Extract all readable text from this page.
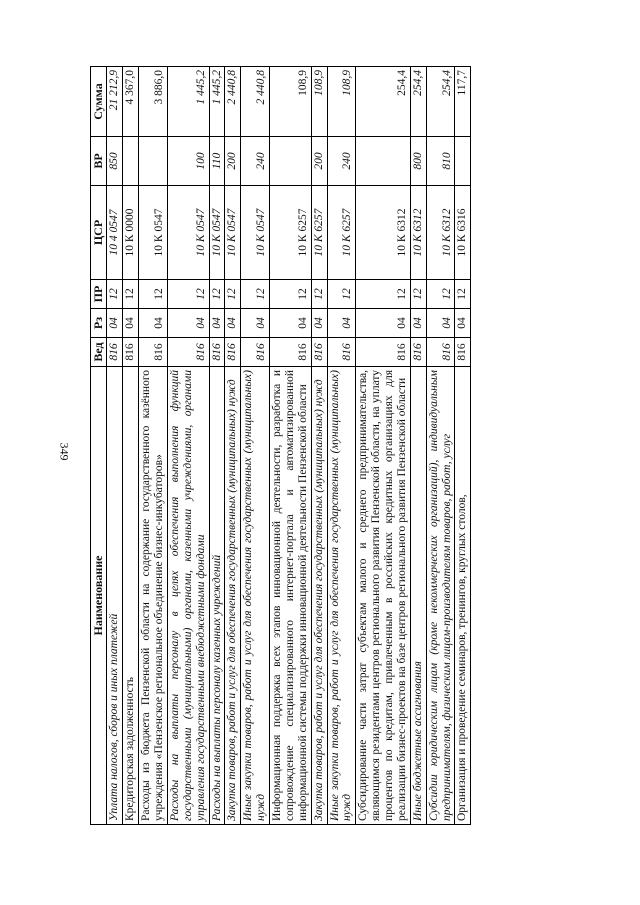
349
Наименование	Вед	Рз	ПР	ЦСР	ВР	Сумма
Уплата налогов, сборов и иных платежей	816	04	12	10 4 0547	850	21 212,9
Кредиторская задолженность	816	04	12	10 К 0000		4 367,0
Расходы из бюджета Пензенской области на содержание государственного казённого учреждения «Пензенское региональное объединение бизнес-инкубаторов»	816	04	12	10 К 0547		3 886,0
Расходы на выплаты персоналу в целях обеспечения выполнения функций государственными (муниципальными) органами, казенными учреждениями, органами управления государственными внебюджетными фондами	816	04	12	10 К 0547	100	1 445,2
Расходы на выплаты персоналу казенных учреждений	816	04	12	10 К 0547	110	1 445,2
Закупка товаров, работ и услуг для обеспечения государственных (муниципальных) нужд	816	04	12	10 К 0547	200	2 440,8
Иные закупки товаров, работ и услуг для обеспечения государственных (муниципальных) нужд	816	04	12	10 К 0547	240	2 440,8
Информационная поддержка всех этапов инновационной деятельности, разработка и сопровождение специализированного интернет-портала и автоматизированной информационной системы поддержки инновационной деятельности Пензенской области	816	04	12	10 К 6257		108,9
Закупка товаров, работ и услуг для обеспечения государственных (муниципальных) нужд	816	04	12	10 К 6257	200	108,9
Иные закупки товаров, работ и услуг для обеспечения государственных (муниципальных) нужд	816	04	12	10 К 6257	240	108,9
Субсидирование части затрат субъектам малого и среднего предпринимательства, являющимся резидентами центров регионального развития Пензенской области, на уплату процентов по кредитам, привлеченным в российских кредитных организациях для реализации бизнес-проектов на базе центров регионального развития Пензенской области	816	04	12	10 К 6312		254,4
Иные бюджетные ассигнования	816	04	12	10 К 6312	800	254,4
Субсидии юридическим лицам (кроме некоммерческих организаций), индивидуальным предпринимателям, физическим лицам-производителям товаров, работ, услуг	816	04	12	10 К 6312	810	254,4
Организация и проведение семинаров, тренингов, круглых столов,	816	04	12	10 К 6316		117,7
